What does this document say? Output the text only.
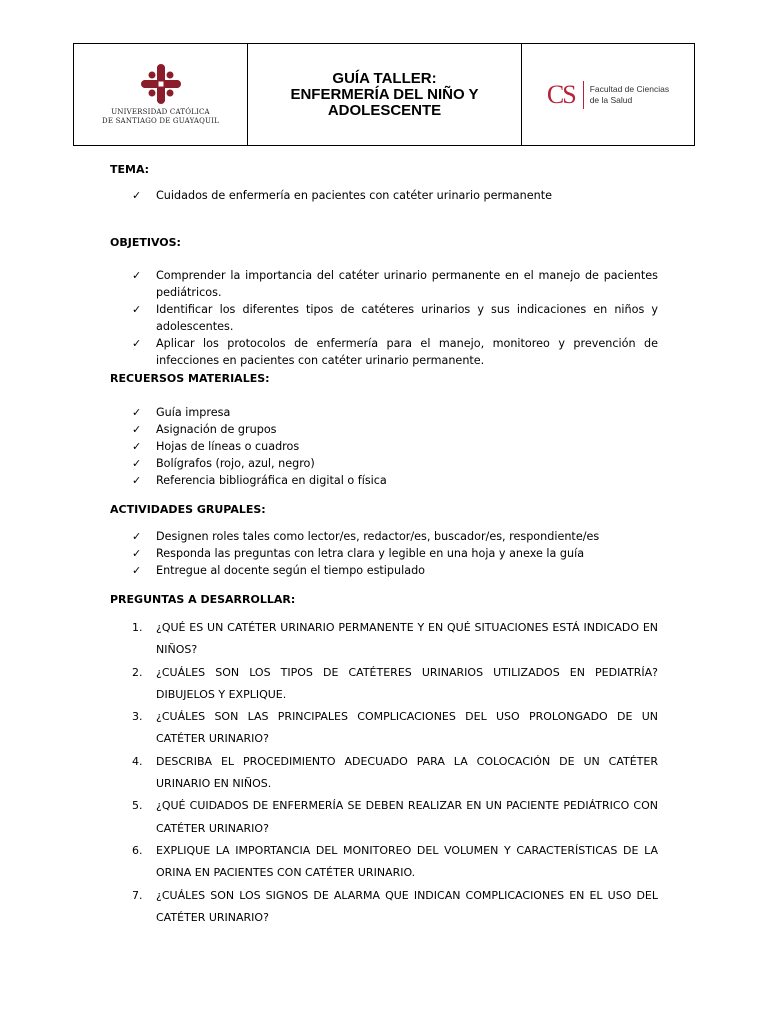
UNIVERSIDAD CATÓLICA
DE SANTIAGO DE GUAYAQUIL
GUÍA TALLER:
ENFERMERÍA DEL NIÑO Y
ADOLESCENTE
CS Facultad de Ciencias
de la Salud
TEMA:
✓ Cuidados de enfermería en pacientes con catéter urinario permanente
OBJETIVOS:
✓ Comprender la importancia del catéter urinario permanente en el manejo de pacientes pediátricos.
✓ Identificar los diferentes tipos de catéteres urinarios y sus indicaciones en niños y adolescentes.
✓ Aplicar los protocolos de enfermería para el manejo, monitoreo y prevención de infecciones en pacientes con catéter urinario permanente.
RECUERSOS MATERIALES:
✓ Guía impresa
✓ Asignación de grupos
✓ Hojas de líneas o cuadros
✓ Bolígrafos (rojo, azul, negro)
✓ Referencia bibliográfica en digital o física
ACTIVIDADES GRUPALES:
✓ Designen roles tales como lector/es, redactor/es, buscador/es, respondiente/es
✓ Responda las preguntas con letra clara y legible en una hoja y anexe la guía
✓ Entregue al docente según el tiempo estipulado
PREGUNTAS A DESARROLLAR:
1. ¿QUÉ ES UN CATÉTER URINARIO PERMANENTE Y EN QUÉ SITUACIONES ESTÁ INDICADO EN NIÑOS?
2. ¿CUÁLES SON LOS TIPOS DE CATÉTERES URINARIOS UTILIZADOS EN PEDIATRÍA? DIBUJELOS Y EXPLIQUE.
3. ¿CUÁLES SON LAS PRINCIPALES COMPLICACIONES DEL USO PROLONGADO DE UN CATÉTER URINARIO?
4. DESCRIBA EL PROCEDIMIENTO ADECUADO PARA LA COLOCACIÓN DE UN CATÉTER URINARIO EN NIÑOS.
5. ¿QUÉ CUIDADOS DE ENFERMERÍA SE DEBEN REALIZAR EN UN PACIENTE PEDIÁTRICO CON CATÉTER URINARIO?
6. EXPLIQUE LA IMPORTANCIA DEL MONITOREO DEL VOLUMEN Y CARACTERÍSTICAS DE LA ORINA EN PACIENTES CON CATÉTER URINARIO.
7. ¿CUÁLES SON LOS SIGNOS DE ALARMA QUE INDICAN COMPLICACIONES EN EL USO DEL CATÉTER URINARIO?
